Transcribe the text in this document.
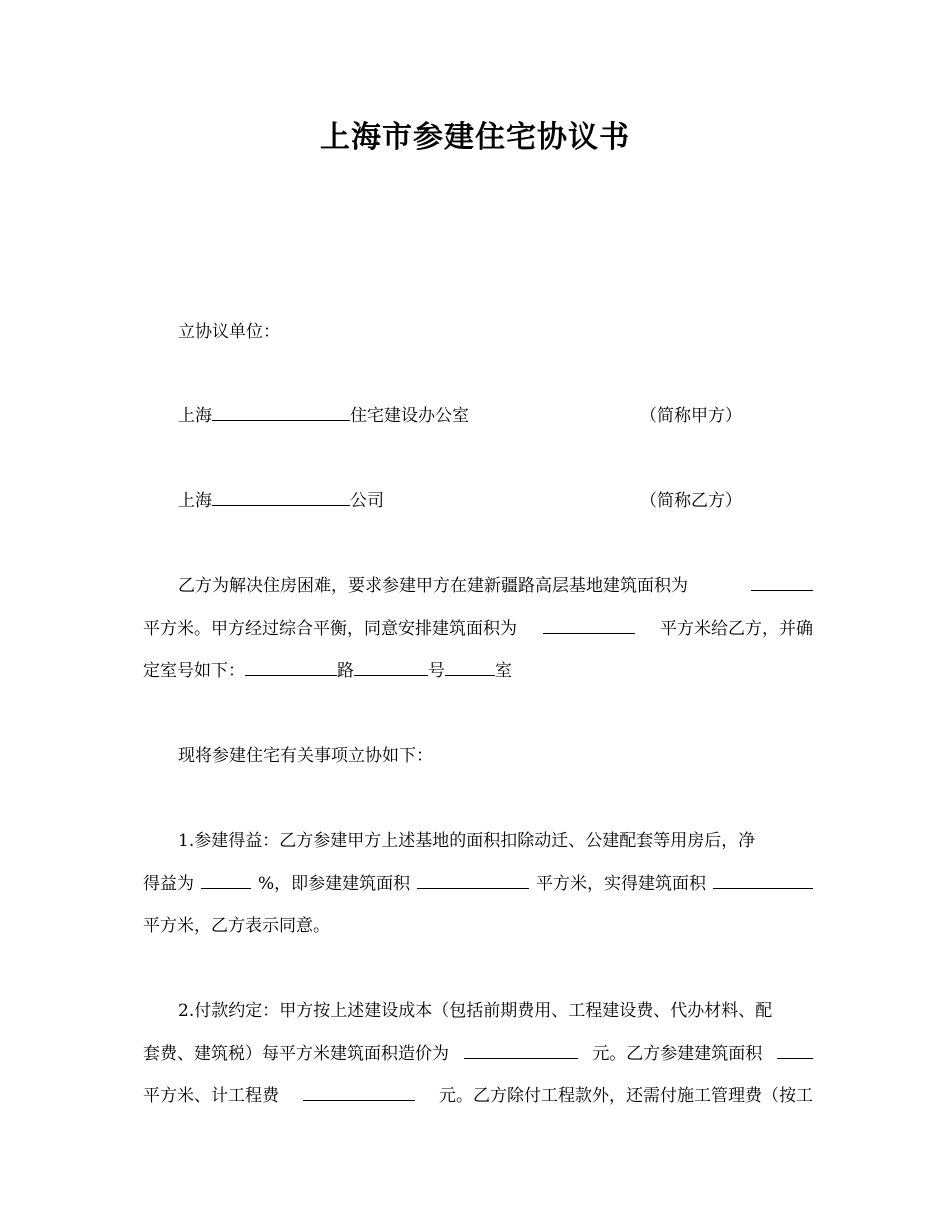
上海市参建住宅协议书
立协议单位：
上海	住宅建设办公室	（简称甲方）
上海	公司	（简称乙方）
乙方为解决住房困难，要求参建甲方在建新疆路高层基地建筑面积为
平方米。甲方经过综合平衡，同意安排建筑面积为	平方米给乙方，并确
定室号如下：	路	号	室
现将参建住宅有关事项立协如下：
1.参建得益：乙方参建甲方上述基地的面积扣除动迁、公建配套等用房后，净
得益为	%，即参建建筑面积	平方米，实得建筑面积
平方米，乙方表示同意。
2.付款约定：甲方按上述建设成本（包括前期费用、工程建设费、代办材料、配
套费、建筑税）每平方米建筑面积造价为	元。乙方参建建筑面积
平方米、计工程费	元。乙方除付工程款外，还需付施工管理费（按工
